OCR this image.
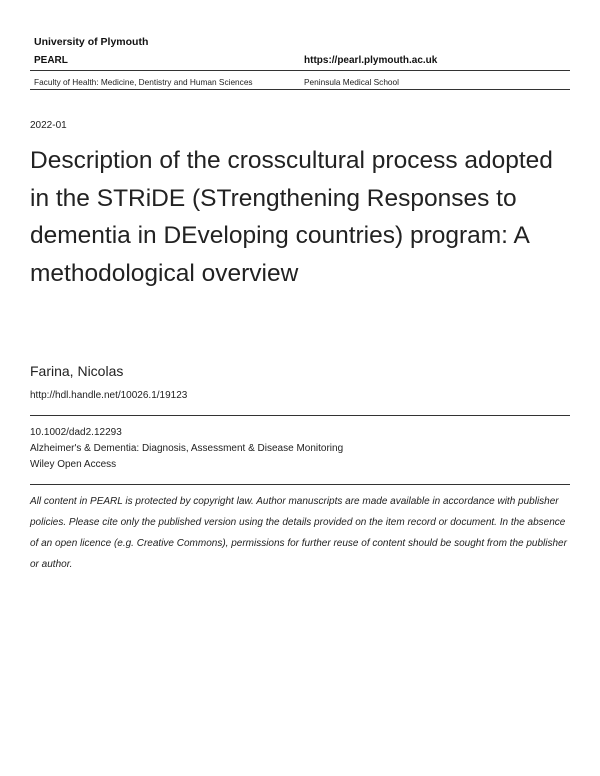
University of Plymouth
PEARL	https://pearl.plymouth.ac.uk
Faculty of Health: Medicine, Dentistry and Human Sciences	Peninsula Medical School
2022-01
Description of the crosscultural process adopted in the STRiDE (STrengthening Responses to dementia in DEveloping countries) program: A methodological overview
Farina, Nicolas
http://hdl.handle.net/10026.1/19123
10.1002/dad2.12293
Alzheimer's & Dementia: Diagnosis, Assessment & Disease Monitoring
Wiley Open Access
All content in PEARL is protected by copyright law. Author manuscripts are made available in accordance with publisher policies. Please cite only the published version using the details provided on the item record or document. In the absence of an open licence (e.g. Creative Commons), permissions for further reuse of content should be sought from the publisher or author.
